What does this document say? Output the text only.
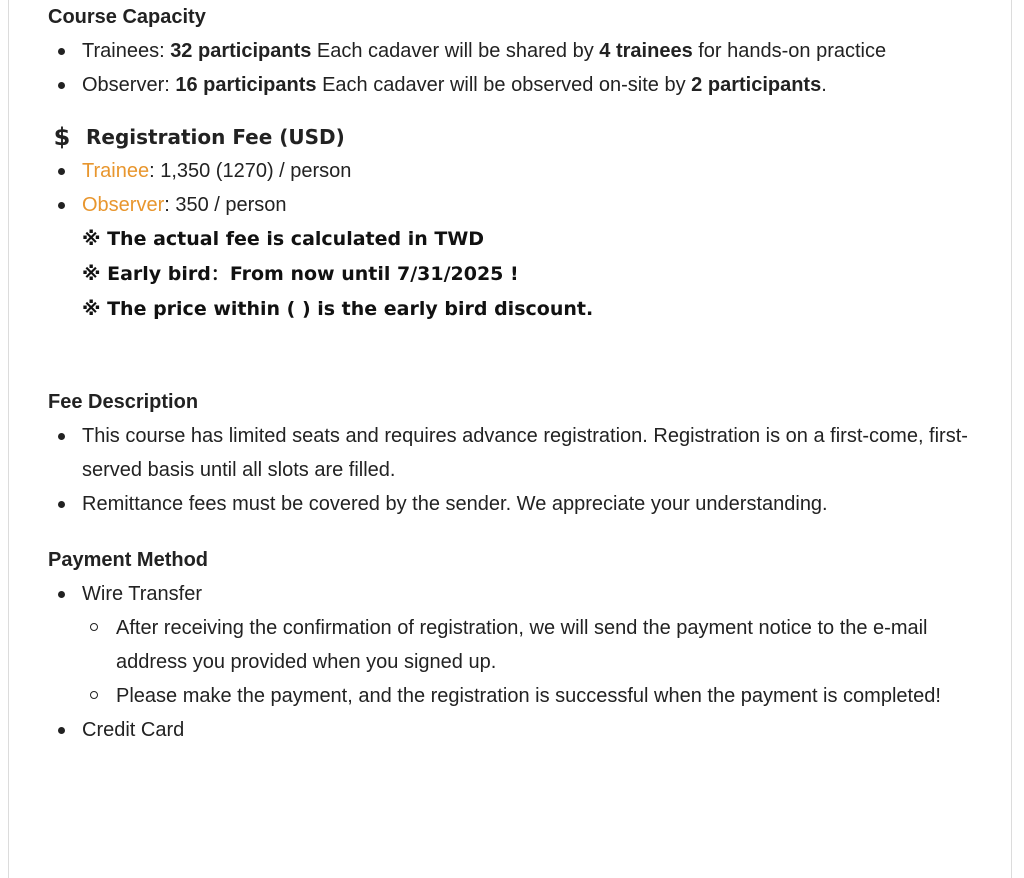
Course Capacity
Trainees: 32 participants Each cadaver will be shared by 4 trainees for hands-on practice
Observer: 16 participants Each cadaver will be observed on-site by 2 participants.
$ Registration Fee (USD)
Trainee: 1,350 (1270) / person
Observer: 350 / person
※ The actual fee is calculated in TWD
※ Early bird：From now until 7/31/2025 !
※ The price within ( ) is the early bird discount.
Fee Description
This course has limited seats and requires advance registration. Registration is on a first-come, first-served basis until all slots are filled.
Remittance fees must be covered by the sender. We appreciate your understanding.
Payment Method
Wire Transfer
After receiving the confirmation of registration, we will send the payment notice to the e-mail address you provided when you signed up.
Please make the payment, and the registration is successful when the payment is completed!
Credit Card
